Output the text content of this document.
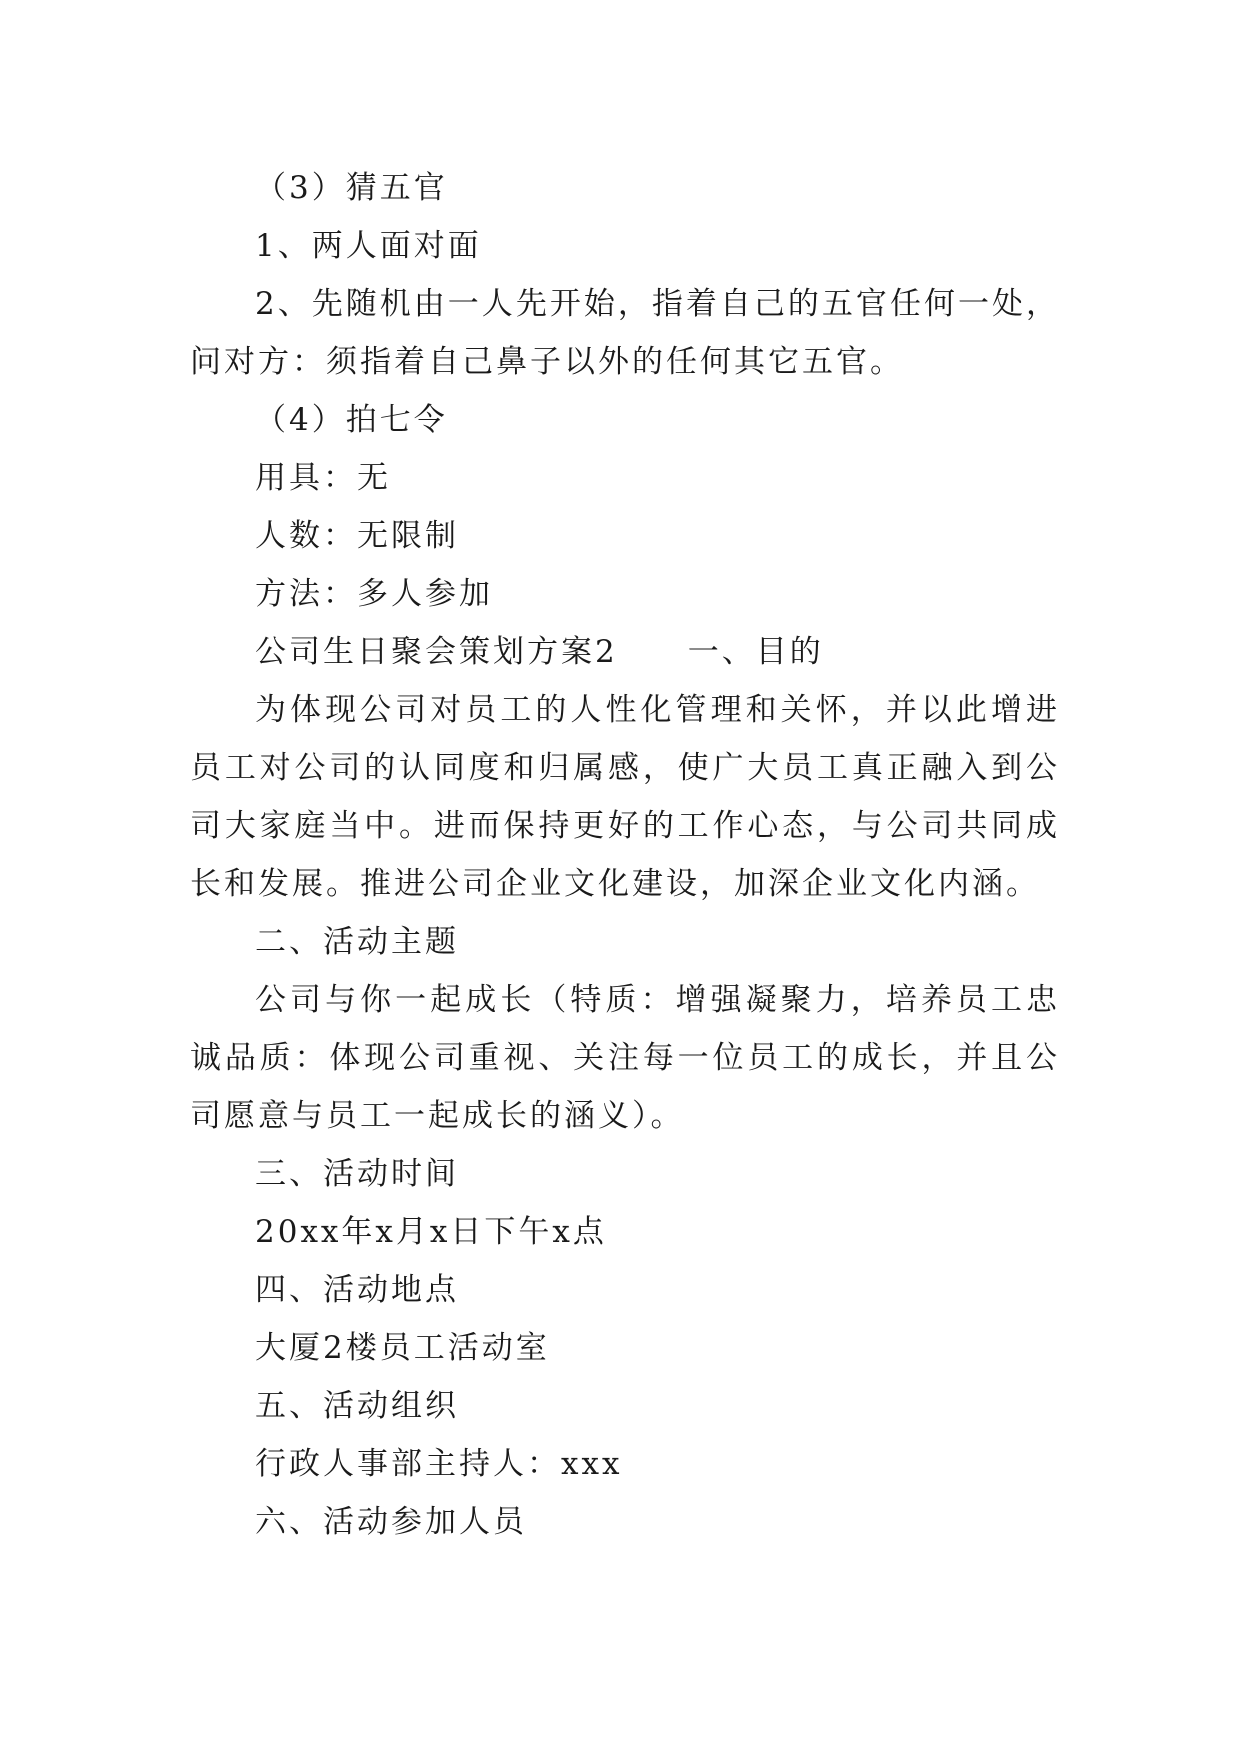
（3）猜五官
1、两人面对面

2、先随机由一人先开始，指着自己的五官任何一处，问对方：须指着自己鼻子以外的任何其它五官。

（4）拍七令
用具：无
人数：无限制
方法：多人参加
公司生日聚会策划方案2 一、目的

为体现公司对员工的人性化管理和关怀，并以此增进员工对公司的认同度和归属感，使广大员工真正融入到公司大家庭当中。进而保持更好的工作心态，与公司共同成长和发展。推进公司企业文化建设，加深企业文化内涵。

二、活动主题

公司与你一起成长（特质：增强凝聚力，培养员工忠诚品质：体现公司重视、关注每一位员工的成长，并且公司愿意与员工一起成长的涵义）。

三、活动时间
20xx年x月x日下午x点
四、活动地点
大厦2楼员工活动室
五、活动组织
行政人事部主持人：xxx
六、活动参加人员
